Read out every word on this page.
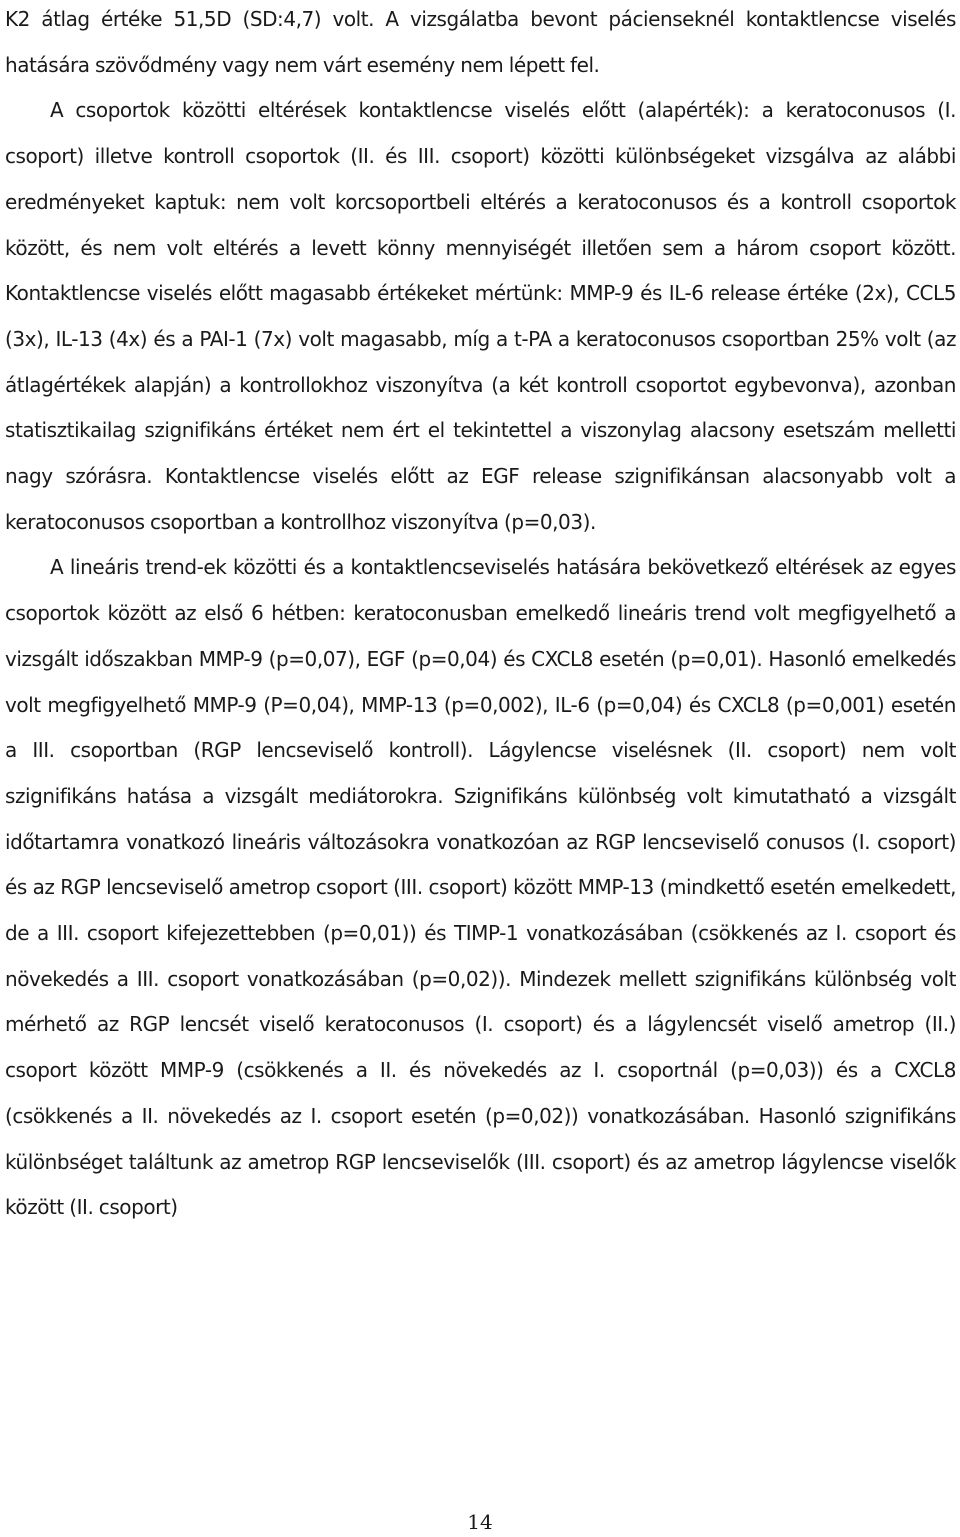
K2 átlag értéke 51,5D (SD:4,7) volt. A vizsgálatba bevont pácienseknél kontaktlencse viselés hatására szövődmény vagy nem várt esemény nem lépett fel.

A csoportok közötti eltérések kontaktlencse viselés előtt (alapérték): a keratoconusos (I. csoport) illetve kontroll csoportok (II. és III. csoport) közötti különbségeket vizsgálva az alábbi eredményeket kaptuk: nem volt korcsoportbeli eltérés a keratoconusos és a kontroll csoportok között, és nem volt eltérés a levett könny mennyiségét illetően sem a három csoport között. Kontaktlencse viselés előtt magasabb értékeket mértünk: MMP-9 és IL-6 release értéke (2x), CCL5 (3x), IL-13 (4x) és a PAI-1 (7x) volt magasabb, míg a t-PA a keratoconusos csoportban 25% volt (az átlagértékek alapján) a kontrollokhoz viszonyítva (a két kontroll csoportot egybevonva), azonban statisztikailag szignifikáns értéket nem ért el tekintettel a viszonylag alacsony esetszám melletti nagy szórásra. Kontaktlencse viselés előtt az EGF release szignifikánsan alacsonyabb volt a keratoconusos csoportban a kontrollhoz viszonyítva (p=0,03).

A lineáris trend-ek közötti és a kontaktlencseviselés hatására bekövetkező eltérések az egyes csoportok között az első 6 hétben: keratoconusban emelkedő lineáris trend volt megfigyelhető a vizsgált időszakban MMP-9 (p=0,07), EGF (p=0,04) és CXCL8 esetén (p=0,01). Hasonló emelkedés volt megfigyelhető MMP-9 (P=0,04), MMP-13 (p=0,002), IL-6 (p=0,04) és CXCL8 (p=0,001) esetén a III. csoportban (RGP lencseviselő kontroll). Lágylencse viselésnek (II. csoport) nem volt szignifikáns hatása a vizsgált mediátorokra. Szignifikáns különbség volt kimutatható a vizsgált időtartamra vonatkozó lineáris változásokra vonatkozóan az RGP lencseviselő conusos (I. csoport) és az RGP lencseviselő ametrop csoport (III. csoport) között MMP-13 (mindkettő esetén emelkedett, de a III. csoport kifejezettebben (p=0,01)) és TIMP-1 vonatkozásában (csökkenés az I. csoport és növekedés a III. csoport vonatkozásában (p=0,02)). Mindezek mellett szignifikáns különbség volt mérhető az RGP lencsét viselő keratoconusos (I. csoport) és a lágylencsét viselő ametrop (II.) csoport között MMP-9 (csökkenés a II. és növekedés az I. csoportnál (p=0,03)) és a CXCL8 (csökkenés a II. növekedés az I. csoport esetén (p=0,02)) vonatkozásában. Hasonló szignifikáns különbséget találtunk az ametrop RGP lencseviselők (III. csoport) és az ametrop lágylencse viselők között (II. csoport)

14
